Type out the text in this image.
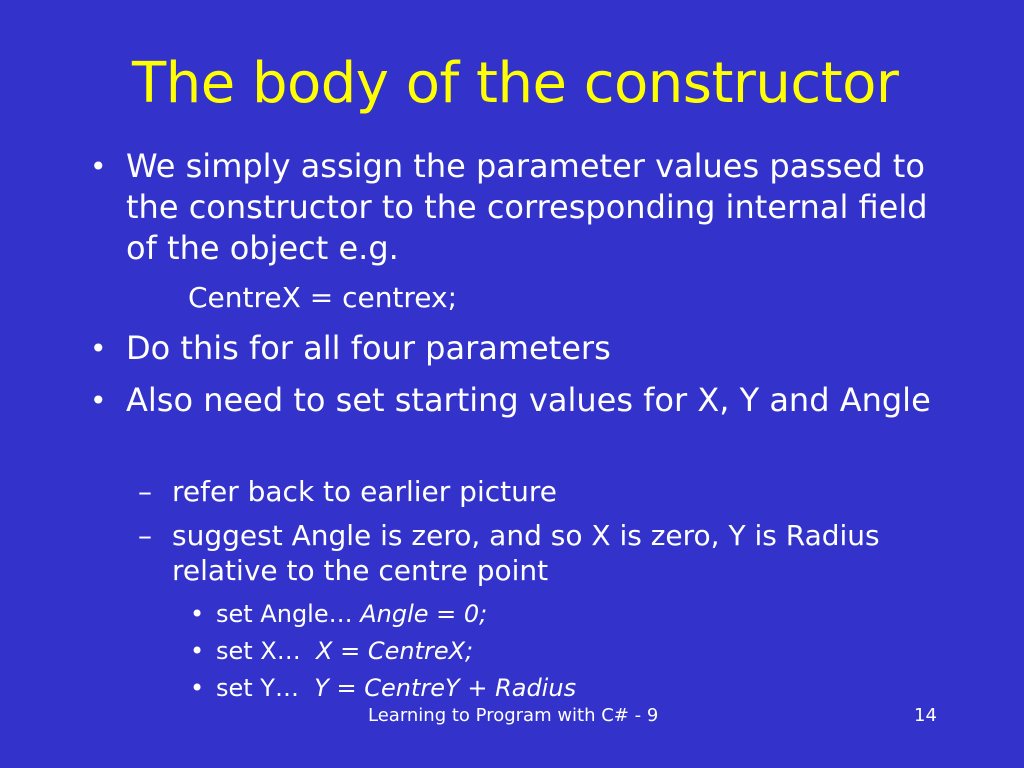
The body of the constructor
• We simply assign the parameter values passed to the constructor to the corresponding internal field of the object e.g.
CentreX = centrex;
• Do this for all four parameters
• Also need to set starting values for X, Y and Angle
– refer back to earlier picture
– suggest Angle is zero, and so X is zero, Y is Radius relative to the centre point
• set Angle… Angle = 0;
• set X… X = CentreX;
• set Y… Y = CentreY + Radius
Learning to Program with C# - 9	14
